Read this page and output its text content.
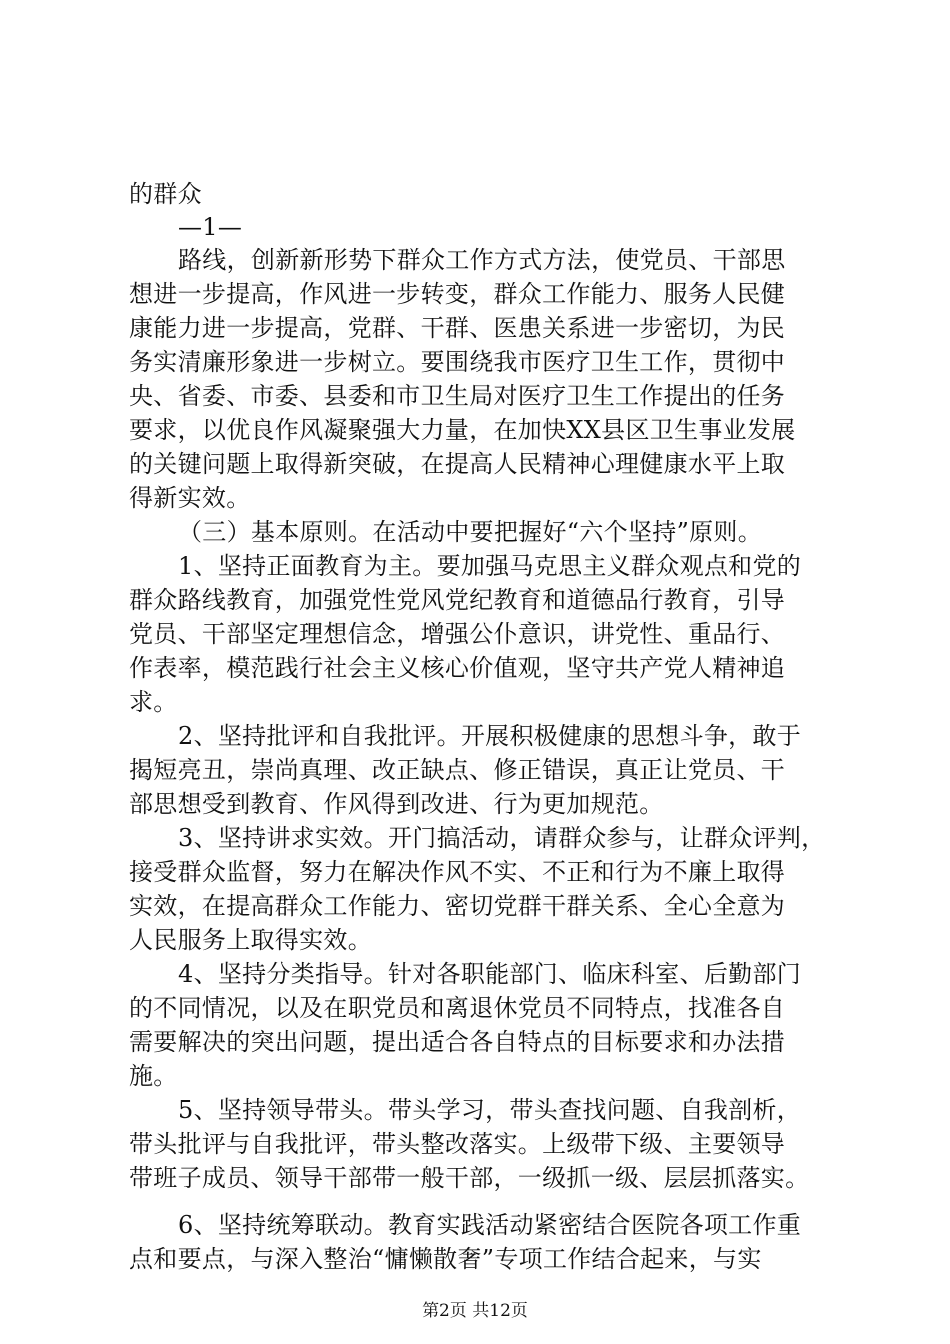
的群众

—1—

路线，创新新形势下群众工作方式方法，使党员、干部思

想进一步提高，作风进一步转变，群众工作能力、服务人民健

康能力进一步提高，党群、干群、医患关系进一步密切，为民

务实清廉形象进一步树立。要围绕我市医疗卫生工作，贯彻中

央、省委、市委、县委和市卫生局对医疗卫生工作提出的任务

要求，以优良作风凝聚强大力量，在加快XX县区卫生事业发展

的关键问题上取得新突破，在提高人民精神心理健康水平上取

得新实效。

（三）基本原则。在活动中要把握好“六个坚持”原则。

1、坚持正面教育为主。要加强马克思主义群众观点和党的

群众路线教育，加强党性党风党纪教育和道德品行教育，引导

党员、干部坚定理想信念，增强公仆意识，讲党性、重品行、

作表率，模范践行社会主义核心价值观，坚守共产党人精神追

求。

2、坚持批评和自我批评。开展积极健康的思想斗争，敢于

揭短亮丑，崇尚真理、改正缺点、修正错误，真正让党员、干

部思想受到教育、作风得到改进、行为更加规范。

3、坚持讲求实效。开门搞活动，请群众参与，让群众评判，

接受群众监督，努力在解决作风不实、不正和行为不廉上取得

实效，在提高群众工作能力、密切党群干群关系、全心全意为

人民服务上取得实效。

4、坚持分类指导。针对各职能部门、临床科室、后勤部门

的不同情况，以及在职党员和离退休党员不同特点，找准各自

需要解决的突出问题，提出适合各自特点的目标要求和办法措

施。

5、坚持领导带头。带头学习，带头查找问题、自我剖析，

带头批评与自我批评，带头整改落实。上级带下级、主要领导

带班子成员、领导干部带一般干部，一级抓一级、层层抓落实。

6、坚持统筹联动。教育实践活动紧密结合医院各项工作重

点和要点，与深入整治“慵懒散奢”专项工作结合起来，与实

第2页 共12页
